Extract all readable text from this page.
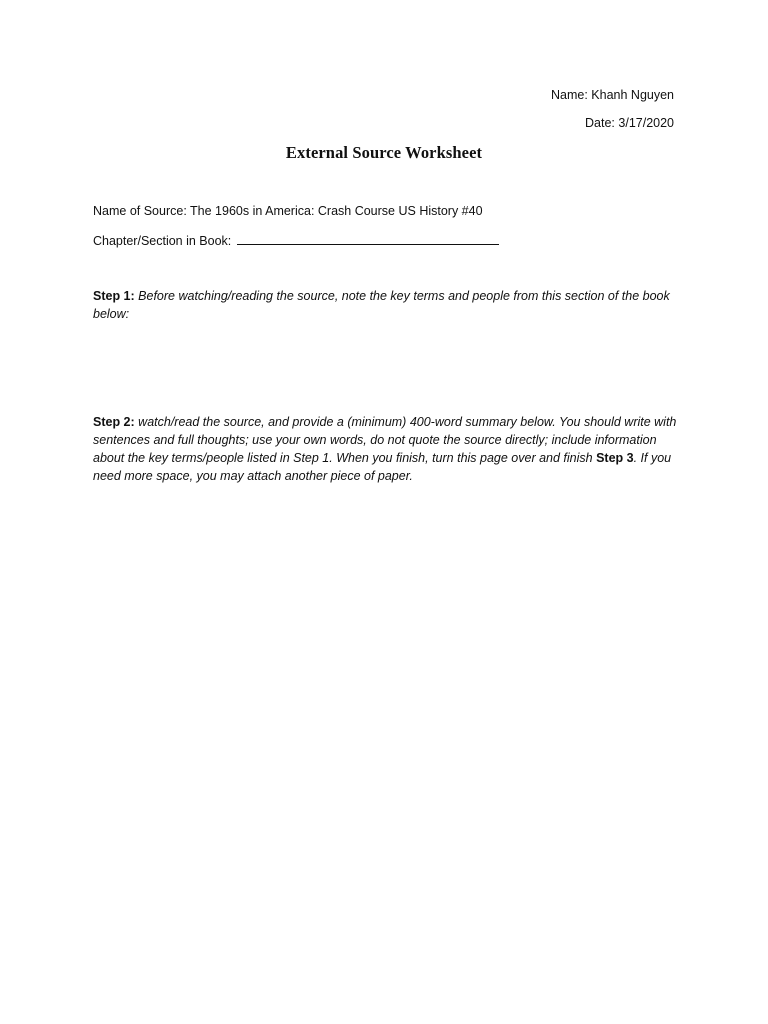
Name: Khanh Nguyen
Date: 3/17/2020
External Source Worksheet
Name of Source: The 1960s in America: Crash Course US History #40
Chapter/Section in Book:
Step 1: Before watching/reading the source, note the key terms and people from this section of the book below:
Step 2: watch/read the source, and provide a (minimum) 400-word summary below. You should write with sentences and full thoughts; use your own words, do not quote the source directly; include information about the key terms/people listed in Step 1. When you finish, turn this page over and finish Step 3. If you need more space, you may attach another piece of paper.
